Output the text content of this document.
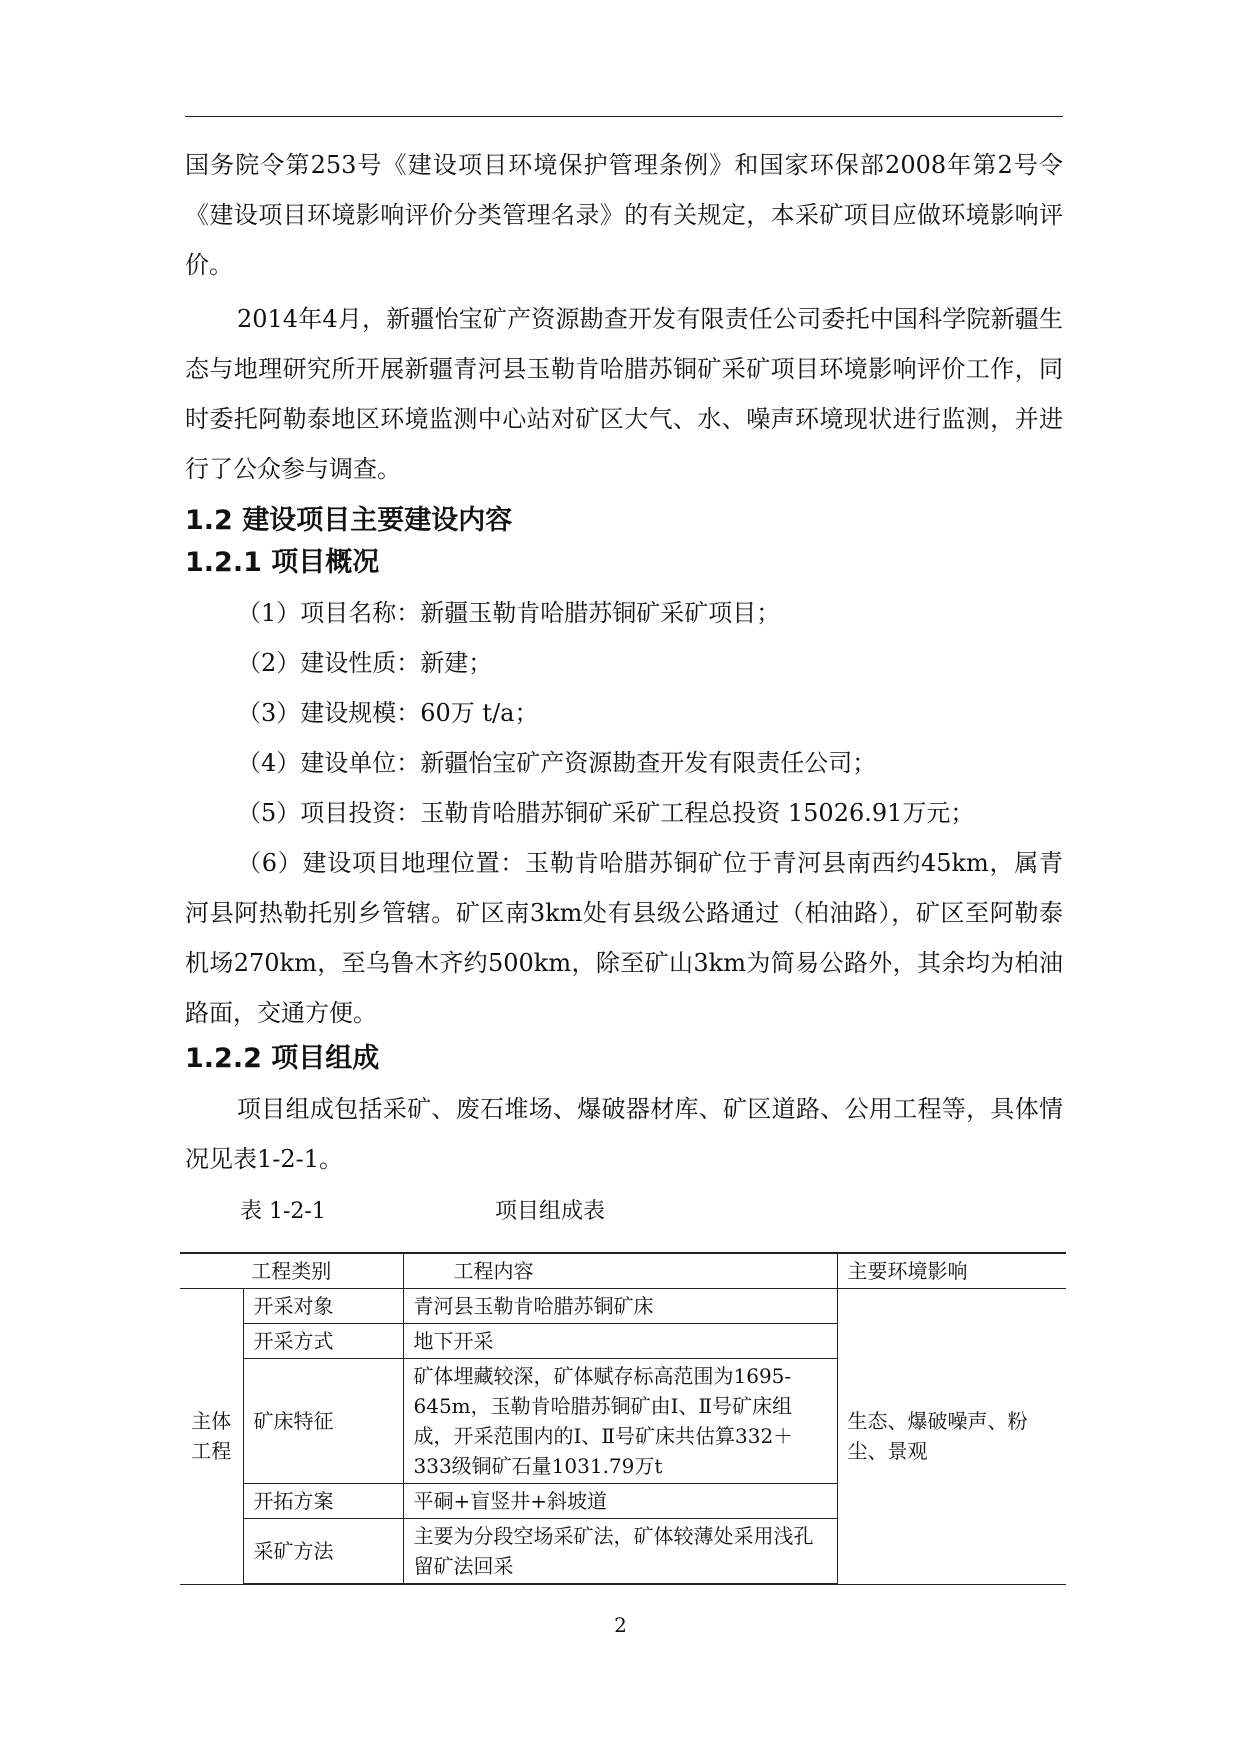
国务院令第253号《建设项目环境保护管理条例》和国家环保部2008年第2号令《建设项目环境影响评价分类管理名录》的有关规定，本采矿项目应做环境影响评价。

2014年4月，新疆怡宝矿产资源勘查开发有限责任公司委托中国科学院新疆生态与地理研究所开展新疆青河县玉勒肯哈腊苏铜矿采矿项目环境影响评价工作，同时委托阿勒泰地区环境监测中心站对矿区大气、水、噪声环境现状进行监测，并进行了公众参与调查。

1.2 建设项目主要建设内容
1.2.1 项目概况

（1）项目名称：新疆玉勒肯哈腊苏铜矿采矿项目；

（2）建设性质：新建；

（3）建设规模：60万 t/a；

（4）建设单位：新疆怡宝矿产资源勘查开发有限责任公司；

（5）项目投资：玉勒肯哈腊苏铜矿采矿工程总投资 15026.91万元；

（6）建设项目地理位置：玉勒肯哈腊苏铜矿位于青河县南西约45km，属青河县阿热勒托别乡管辖。矿区南3km处有县级公路通过（柏油路），矿区至阿勒泰机场270km，至乌鲁木齐约500km，除至矿山3km为简易公路外，其余均为柏油路面，交通方便。

1.2.2 项目组成

项目组成包括采矿、废石堆场、爆破器材库、矿区道路、公用工程等，具体情况见表1-2-1。

表 1-2-1	项目组成表
工程类别		工程内容	主要环境影响
主体工程	开采对象	青河县玉勒肯哈腊苏铜矿床	生态、爆破噪声、粉尘、景观
	开采方式	地下开采	
	矿床特征	矿体埋藏较深，矿体赋存标高范围为1695-645m，玉勒肯哈腊苏铜矿由Ⅰ、Ⅱ号矿床组成，开采范围内的Ⅰ、Ⅱ号矿床共估算332＋333级铜矿石量1031.79万t	
	开拓方案	平硐+盲竖井+斜坡道	
	采矿方法	主要为分段空场采矿法，矿体较薄处采用浅孔留矿法回采	
2
